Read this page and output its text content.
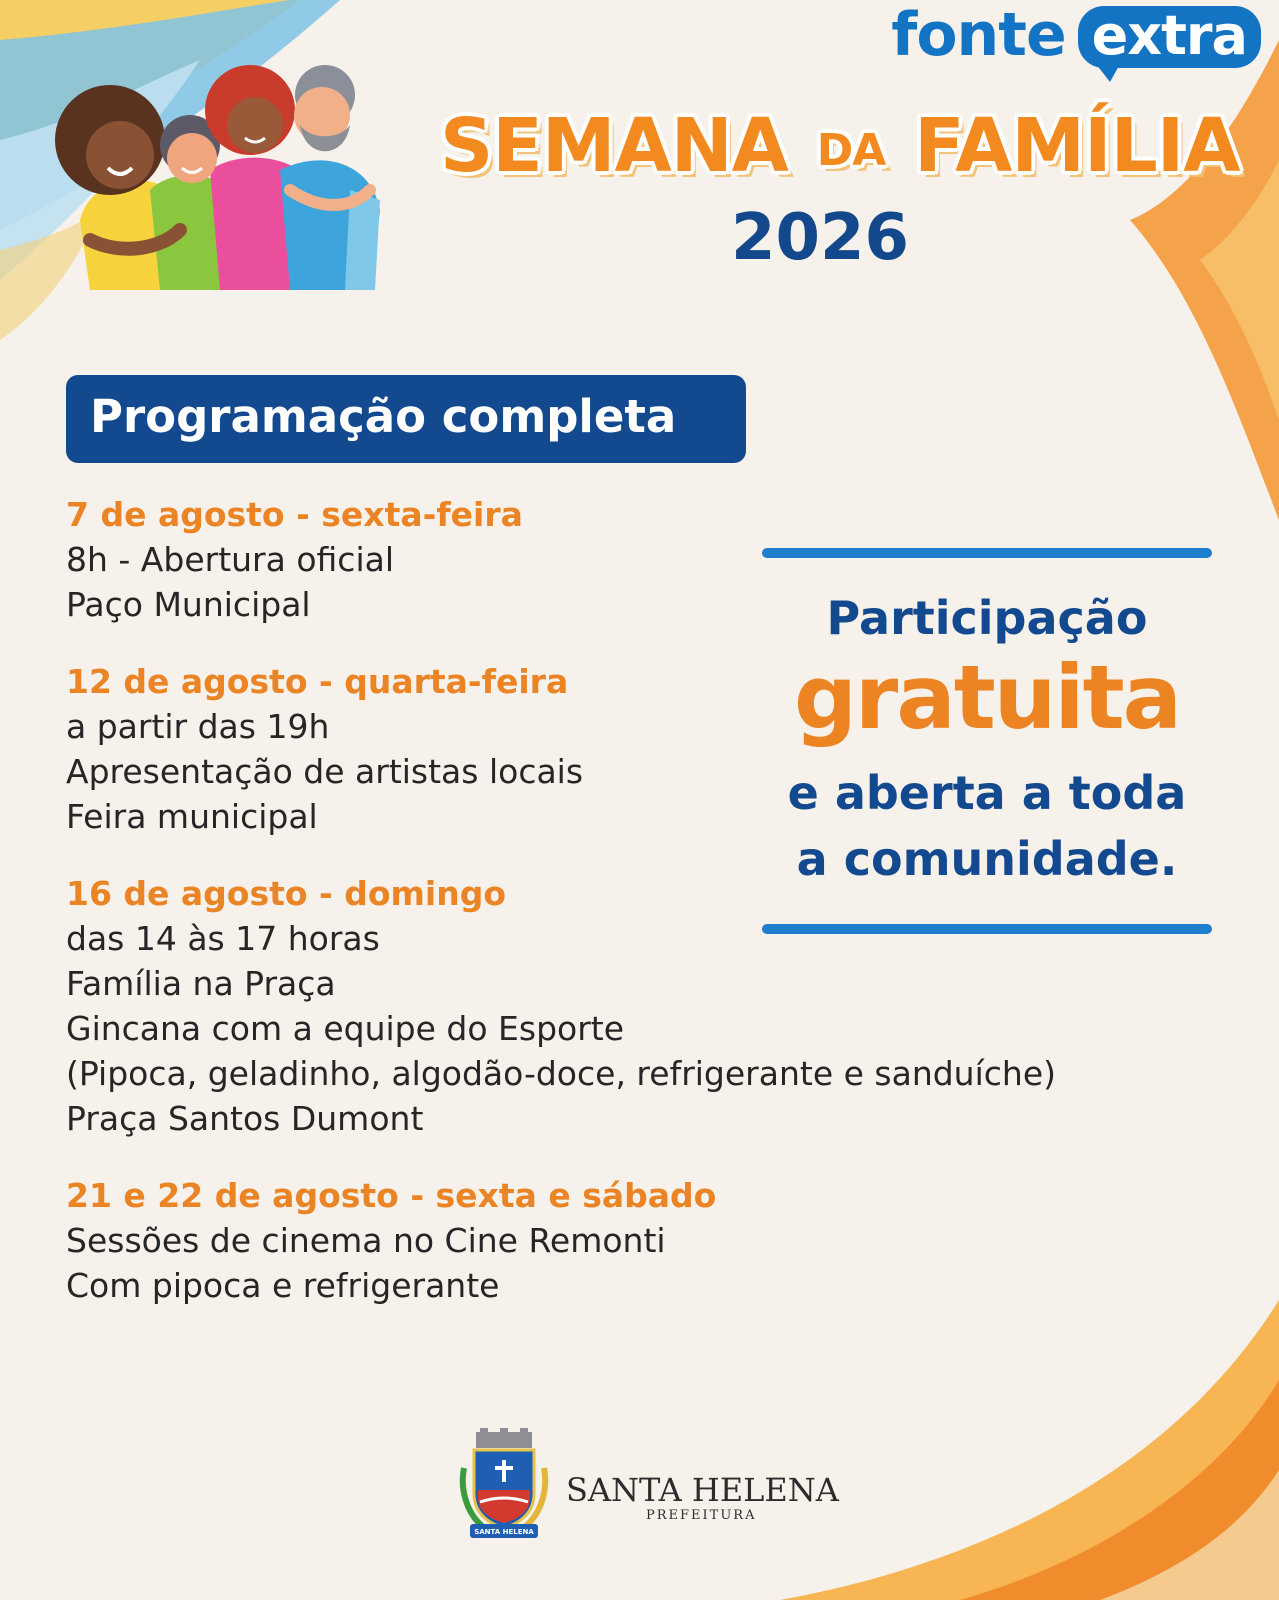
fonte extra
SEMANA DA FAMÍLIA
2026
Programação completa
7 de agosto - sexta-feira
8h - Abertura oficial
Paço Municipal
12 de agosto - quarta-feira
a partir das 19h
Apresentação de artistas locais
Feira municipal
16 de agosto - domingo
das 14 às 17 horas
Família na Praça
Gincana com a equipe do Esporte
(Pipoca, geladinho, algodão-doce, refrigerante e sanduíche)
Praça Santos Dumont
21 e 22 de agosto - sexta e sábado
Sessões de cinema no Cine Remonti
Com pipoca e refrigerante
Participação
gratuita
e aberta a toda
a comunidade.
SANTA HELENA
SANTA HELENA
PREFEITURA
